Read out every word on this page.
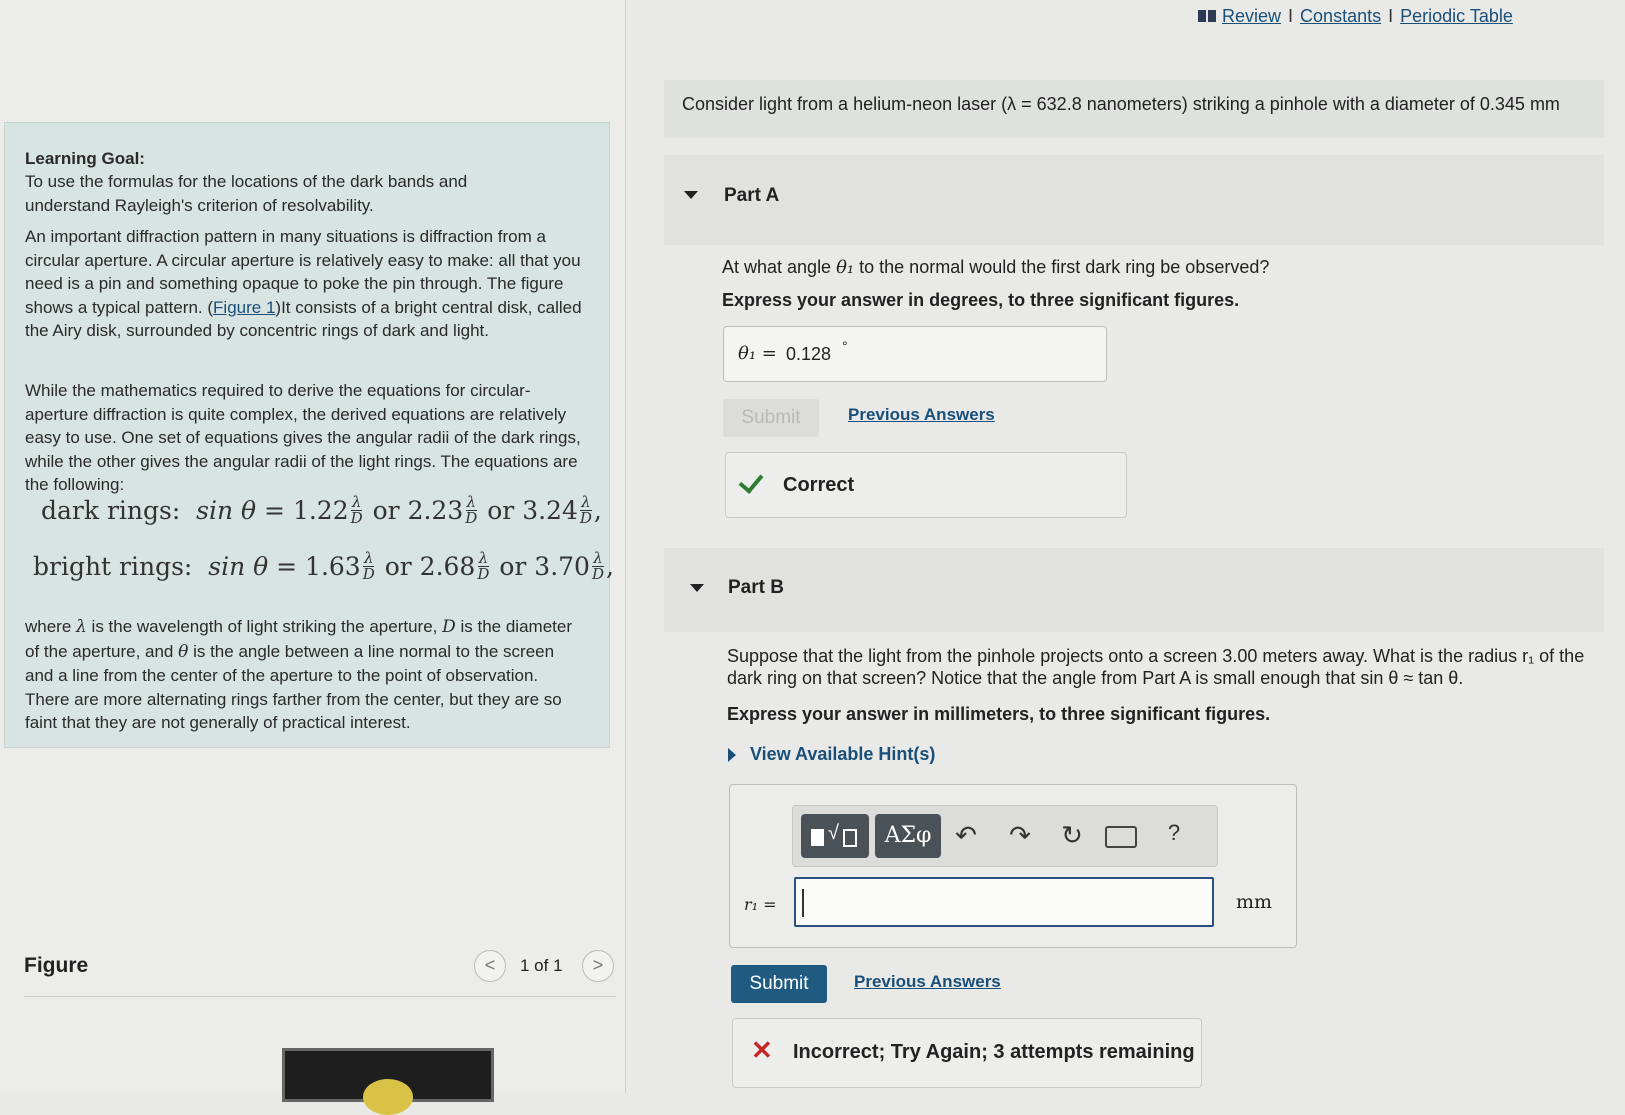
Learning Goal:
To use the formulas for the locations of the dark bands and understand Rayleigh's criterion of resolvability.
An important diffraction pattern in many situations is diffraction from a circular aperture. A circular aperture is relatively easy to make: all that you need is a pin and something opaque to poke the pin through. The figure shows a typical pattern. (Figure 1)It consists of a bright central disk, called the Airy disk, surrounded by concentric rings of dark and light.
While the mathematics required to derive the equations for circular-aperture diffraction is quite complex, the derived equations are relatively easy to use. One set of equations gives the angular radii of the dark rings, while the other gives the angular radii of the light rings. The equations are the following:
dark rings:
sin θ =
$1.22 \frac{\lambda}{D}$
or
$2.23 \frac{\lambda}{D}$
or
$3.24 \frac{\lambda}{D}$ ,
bright rings:
sin θ =
$1.63 \frac{\lambda}{D}$
or
$2.68 \frac{\lambda}{D}$
or
$3.70 \frac{\lambda}{D}$ ,
where λ is the wavelength of light striking the aperture, D is the diameter of the aperture, and θ is the angle between a line normal to the screen and a line from the center of the aperture to the point of observation. There are more alternating rings farther from the center, but they are so faint that they are not generally of practical interest.
Figure	<	1 of 1	>
Review I Constants I Periodic Table
Consider light from a helium-neon laser (λ = 632.8 nanometers) striking a pinhole with a diameter of 0.345 mm
Part A
At what angle θ₁ to the normal would the first dark ring be observed?
Express your answer in degrees, to three significant figures.
θ₁ = 0.128 °
Submit	Previous Answers
Correct
Part B
Suppose that the light from the pinhole projects onto a screen 3.00 meters away. What is the radius r₁ of the
dark ring on that screen? Notice that the angle from Part A is small enough that sin θ ≈ tan θ.
Express your answer in millimeters, to three significant figures.
View Available Hint(s)
√	ΑΣφ ↶ ↷ ↻	?
r₁ =	mm
Submit	Previous Answers
✕ Incorrect; Try Again; 3 attempts remaining
